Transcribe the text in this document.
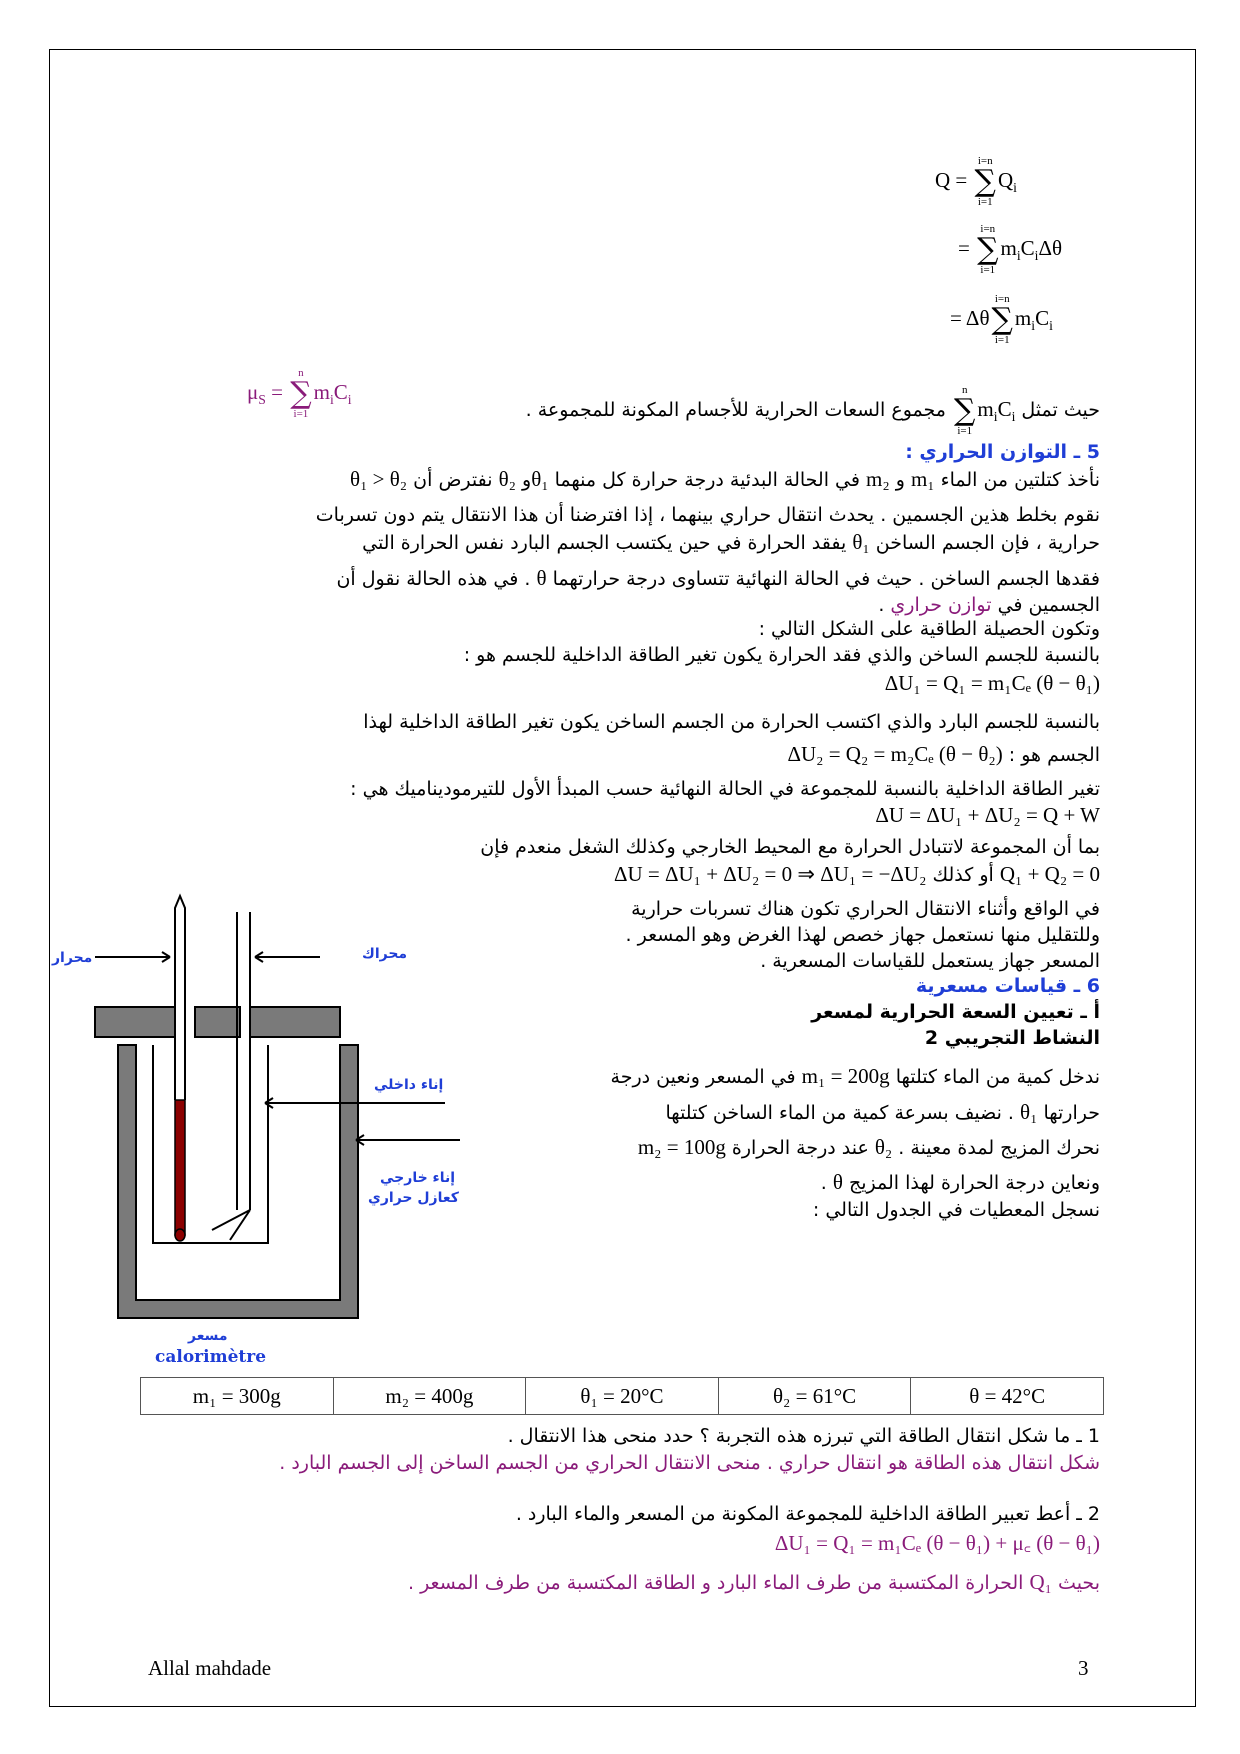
Q =
i=n
∑
i=1
$Q_i$
=
i=n
∑
i=1
$m_iC_i\Delta\theta$
= Δθ
i=n
∑
i=1
$m_iC_i$
$\mu_S$ =
n
∑
i=1
$m_iC_i$	حيث تمثل
n
∑
i=1
$m_iC_i$ مجموع السعات الحرارية للأجسام المكونة للمجموعة .
5 ـ التوازن الحراري :
نأخذ كتلتين من الماء m₁ و m₂ في الحالة البدئية درجة حرارة كل منهما θ₁و θ₂ نفترض أن θ₁ > θ₂
نقوم بخلط هذين الجسمين . يحدث انتقال حراري بينهما ، إذا افترضنا أن هذا الانتقال يتم دون تسربات
حرارية ، فإن الجسم الساخن θ₁ يفقد الحرارة في حين يكتسب الجسم البارد نفس الحرارة التي
فقدها الجسم الساخن . حيث في الحالة النهائية تتساوى درجة حرارتهما θ . في هذه الحالة نقول أن
الجسمين في توازن حراري .
وتكون الحصيلة الطاقية على الشكل التالي :
بالنسبة للجسم الساخن والذي فقد الحرارة يكون تغير الطاقة الداخلية للجسم هو :
ΔU₁ = Q₁ = m₁Cₑ (θ − θ₁)
بالنسبة للجسم البارد والذي اكتسب الحرارة من الجسم الساخن يكون تغير الطاقة الداخلية لهذا
الجسم هو : ΔU₂ = Q₂ = m₂Cₑ (θ − θ₂)
تغير الطاقة الداخلية بالنسبة للمجموعة في الحالة النهائية حسب المبدأ الأول للتيرموديناميك هي :
ΔU = ΔU₁ + ΔU₂ = Q + W
بما أن المجموعة لاتتبادل الحرارة مع المحيط الخارجي وكذلك الشغل منعدم فإن
ΔU = ΔU₁ + ΔU₂ = 0 ⇒ ΔU₁ = −ΔU₂ أو كذلك Q₁ + Q₂ = 0
في الواقع وأثناء الانتقال الحراري تكون هناك تسربات حرارية
وللتقليل منها نستعمل جهاز خصص لهذا الغرض وهو المسعر .
المسعر جهاز يستعمل للقياسات المسعرية .
6 ـ قياسات مسعرية
أ ـ تعيين السعة الحرارية لمسعر
النشاط التجريبي 2
ندخل كمية من الماء كتلتها m₁ = 200g في المسعر ونعين درجة
حرارتها θ₁ . نضيف بسرعة كمية من الماء الساخن كتلتها
m₂ = 100g عند درجة الحرارة θ₂ . نحرك المزيج لمدة معينة
ونعاين درجة الحرارة لهذا المزيج θ .
نسجل المعطيات في الجدول التالي :
محرار	محراك
إناء داخلي
إناء خارجي
كعازل حراري
مسعر
calorimètre
m₁ = 300g	m₂ = 400g	θ₁ = 20°C	θ₂ = 61°C	θ = 42°C
1 ـ ما شكل انتقال الطاقة التي تبرزه هذه التجربة ؟ حدد منحى هذا الانتقال .
شكل انتقال هذه الطاقة هو انتقال حراري . منحى الانتقال الحراري من الجسم الساخن إلى الجسم البارد .
2 ـ أعط تعبير الطاقة الداخلية للمجموعة المكونة من المسعر والماء البارد .
ΔU₁ = Q₁ = m₁Cₑ (θ − θ₁) + μ꜀ (θ − θ₁)
بحيث Q₁ الحرارة المكتسبة من طرف الماء البارد و الطاقة المكتسبة من طرف المسعر .
Allal mahdade	3
